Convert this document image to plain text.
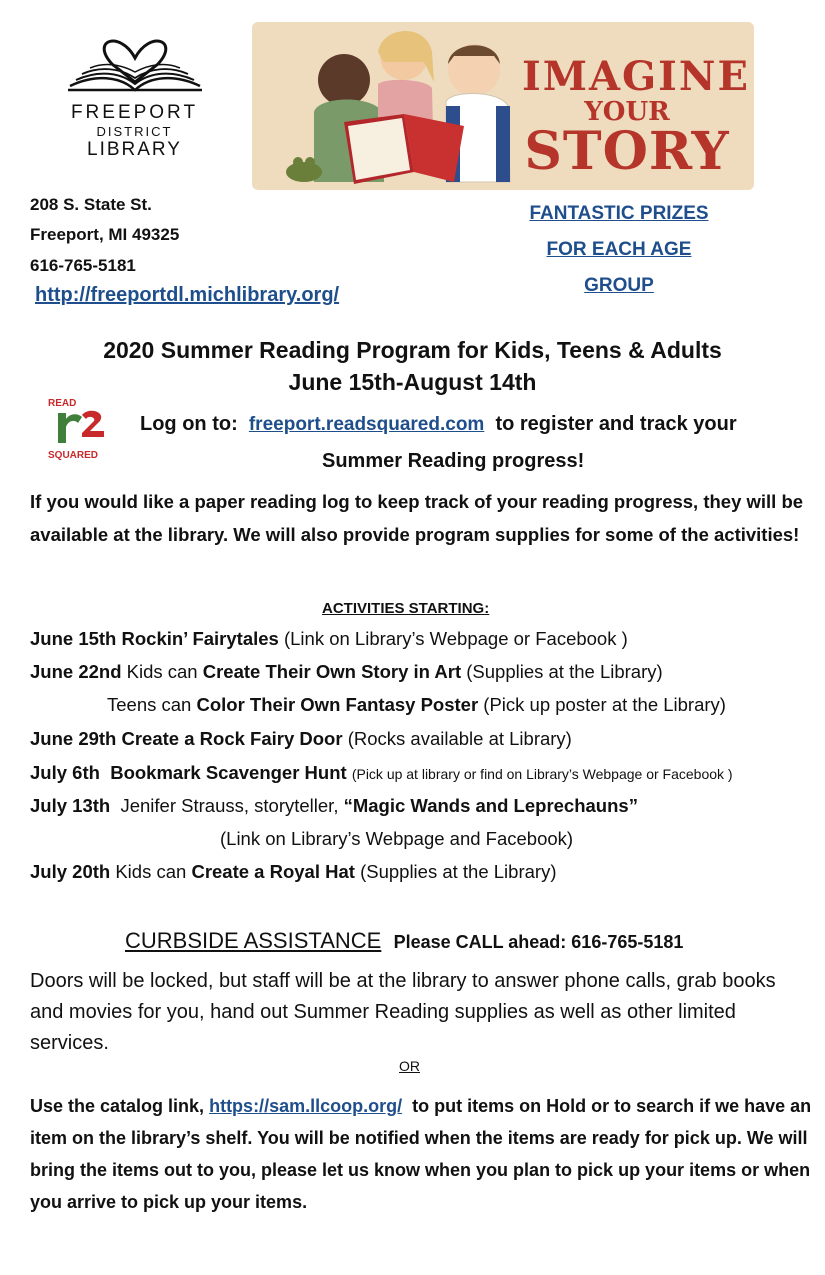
FREEPORT
DISTRICT
LIBRARY
IMAGINE
YOUR
STORY
208 S. State St.
Freeport, MI 49325
616-765-5181
http://freeportdl.michlibrary.org/
FANTASTIC PRIZES
FOR EACH AGE
GROUP
2020 Summer Reading Program for Kids, Teens & Adults
June 15th-August 14th
READ
SQUARED
Log on to: freeport.readsquared.com to register and track your
Summer Reading progress!
If you would like a paper reading log to keep track of your reading progress, they will be available at the library. We will also provide program supplies for some of the activities!
ACTIVITIES STARTING:
June 15th Rockin’ Fairytales (Link on Library’s Webpage or Facebook )
June 22nd Kids can Create Their Own Story in Art (Supplies at the Library)
Teens can Color Their Own Fantasy Poster (Pick up poster at the Library)
June 29th Create a Rock Fairy Door (Rocks available at Library)
July 6th Bookmark Scavenger Hunt (Pick up at library or find on Library’s Webpage or Facebook )
July 13th Jenifer Strauss, storyteller, “Magic Wands and Leprechauns”
(Link on Library’s Webpage and Facebook)
July 20th Kids can Create a Royal Hat (Supplies at the Library)
CURBSIDE ASSISTANCE Please CALL ahead: 616-765-5181
Doors will be locked, but staff will be at the library to answer phone calls, grab books and movies for you, hand out Summer Reading supplies as well as other limited services.
OR
Use the catalog link, https://sam.llcoop.org/ to put items on Hold or to search if we have an item on the library’s shelf. You will be notified when the items are ready for pick up. We will bring the items out to you, please let us know when you plan to pick up your items or when you arrive to pick up your items.
